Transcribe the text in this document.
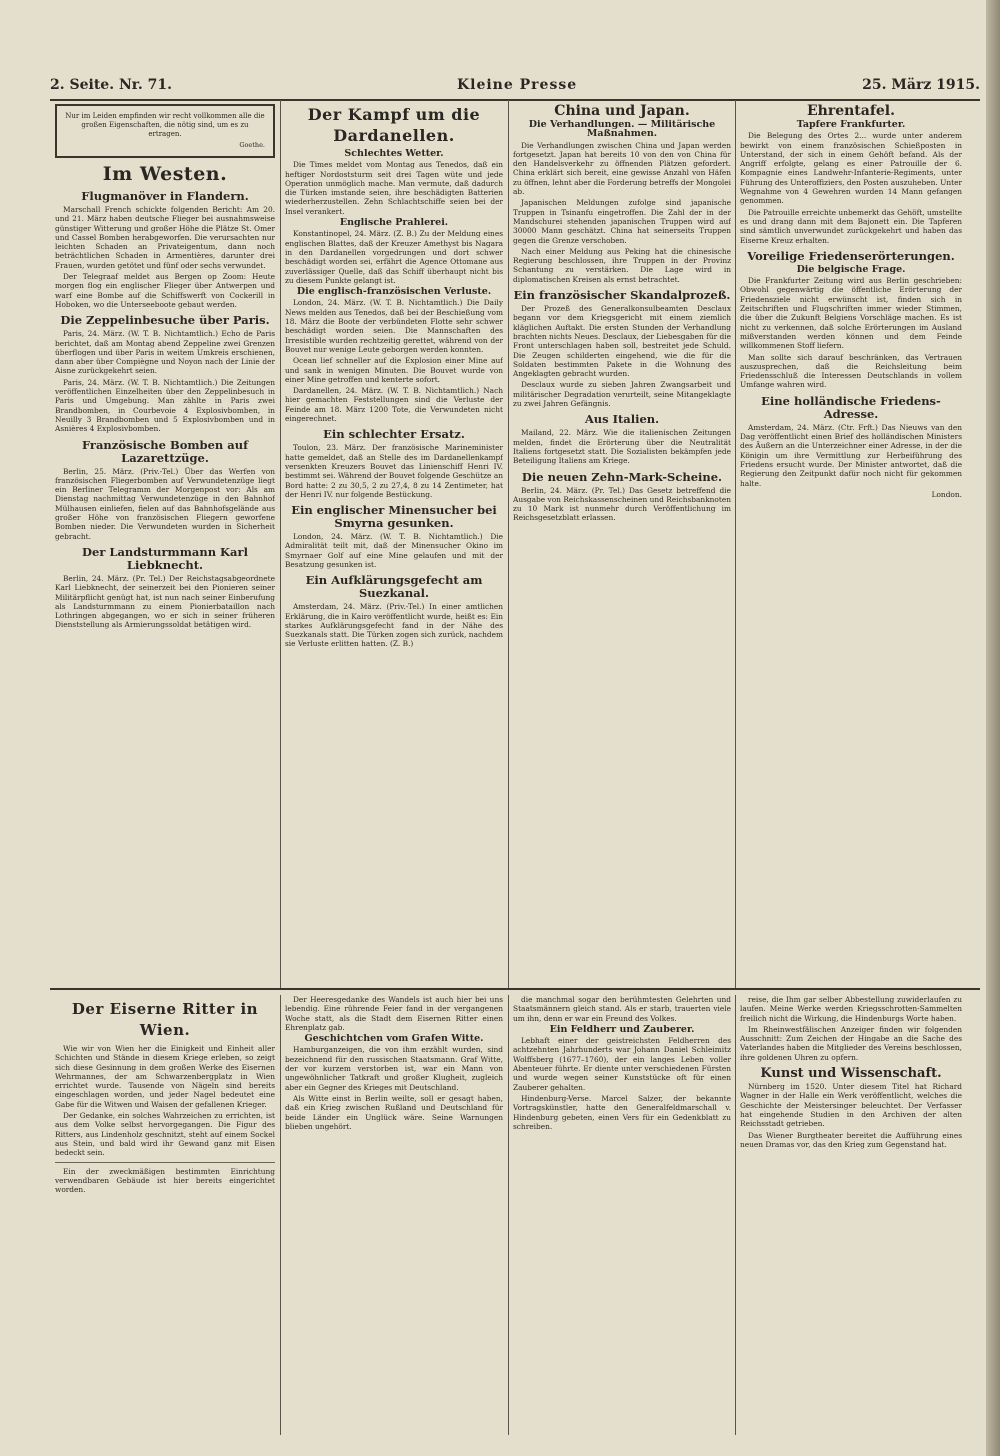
2. Seite. Nr. 71.	Kleine Presse	25. März 1915.
Nur im Leiden empfinden wir recht vollkommen alle die großen Eigenschaften, die nötig sind, um es zu ertragen.
Goethe.
Im Westen.
Flugmanöver in Flandern.

Marschall French schickte folgenden Bericht: Am 20. und 21. März haben deutsche Flieger bei ausnahmsweise günstiger Witterung und großer Höhe die Plätze St. Omer und Cassel Bomben herabgeworfen. Die verursachten nur leichten Schaden an Privateigentum, dann noch beträchtlichen Schaden in Armentières, darunter drei Frauen, wurden getötet und fünf oder sechs verwundet.

Der Telegraaf meldet aus Bergen op Zoom: Heute morgen flog ein englischer Flieger über Antwerpen und warf eine Bombe auf die Schiffswerft von Cockerill in Hoboken, wo die Unterseeboote gebaut werden.

Die Zeppelinbesuche über Paris.

Paris, 24. März. (W. T. B. Nichtamtlich.) Echo de Paris berichtet, daß am Montag abend Zeppeline zwei Grenzen überflogen und über Paris in weitem Umkreis erschienen, dann aber über Compiègne und Noyon nach der Linie der Aisne zurückgekehrt seien.

Paris, 24. März. (W. T. B. Nichtamtlich.) Die Zeitungen veröffentlichen Einzelheiten über den Zeppelinbesuch in Paris und Umgebung. Man zählte in Paris zwei Brandbomben, in Courbevoie 4 Explosivbomben, in Neuilly 3 Brandbomben und 5 Explosivbomben und in Asnières 4 Explosivbomben.

Französische Bomben auf Lazarettzüge.

Berlin, 25. März. (Priv.-Tel.) Über das Werfen von französischen Fliegerbomben auf Verwundetenzüge liegt ein Berliner Telegramm der Morgenpost vor: Als am Dienstag nachmittag Verwundetenzüge in den Bahnhof Mülhausen einliefen, fielen auf das Bahnhofsgelände aus großer Höhe von französischen Fliegern geworfene Bomben nieder. Die Verwundeten wurden in Sicherheit gebracht.

Der Landsturmmann Karl Liebknecht.

Berlin, 24. März. (Pr. Tel.) Der Reichstagsabgeordnete Karl Liebknecht, der seinerzeit bei den Pionieren seiner Militärpflicht genügt hat, ist nun nach seiner Einberufung als Landsturmmann zu einem Pionierbataillon nach Lothringen abgegangen, wo er sich in seiner früheren Dienststellung als Armierungssoldat betätigen wird.

Der Kampf um die Dardanellen.
Schlechtes Wetter.

Die Times meldet vom Montag aus Tenedos, daß ein heftiger Nordoststurm seit drei Tagen wüte und jede Operation unmöglich mache. Man vermute, daß dadurch die Türken imstande seien, ihre beschädigten Batterien wiederherzustellen. Zehn Schlachtschiffe seien bei der Insel verankert.

Englische Prahlerei.

Konstantinopel, 24. März. (Z. B.) Zu der Meldung eines englischen Blattes, daß der Kreuzer Amethyst bis Nagara in den Dardanellen vorgedrungen und dort schwer beschädigt worden sei, erfährt die Agence Ottomane aus zuverlässiger Quelle, daß das Schiff überhaupt nicht bis zu diesem Punkte gelangt ist.

Die englisch-französischen Verluste.

London, 24. März. (W. T. B. Nichtamtlich.) Die Daily News melden aus Tenedos, daß bei der Beschießung vom 18. März die Boote der verbündeten Flotte sehr schwer beschädigt worden seien. Die Mannschaften des Irresistible wurden rechtzeitig gerettet, während von der Bouvet nur wenige Leute geborgen werden konnten.

Ocean lief schneller auf die Explosion einer Mine auf und sank in wenigen Minuten. Die Bouvet wurde von einer Mine getroffen und kenterte sofort.

Dardanellen, 24. März. (W. T. B. Nichtamtlich.) Nach hier gemachten Feststellungen sind die Verluste der Feinde am 18. März 1200 Tote, die Verwundeten nicht eingerechnet.

Ein schlechter Ersatz.

Toulon, 23. März. Der französische Marineminister hatte gemeldet, daß an Stelle des im Dardanellenkampf versenkten Kreuzers Bouvet das Linienschiff Henri IV. bestimmt sei. Während der Bouvet folgende Geschütze an Bord hatte: 2 zu 30,5, 2 zu 27,4, 8 zu 14 Zentimeter, hat der Henri IV. nur folgende Bestückung.

Ein englischer Minensucher bei Smyrna gesunken.

London, 24. März. (W. T. B. Nichtamtlich.) Die Admiralität teilt mit, daß der Minensucher Okino im Smyrnaer Golf auf eine Mine gelaufen und mit der Besatzung gesunken ist.

Ein Aufklärungsgefecht am Suezkanal.

Amsterdam, 24. März. (Priv.-Tel.) In einer amtlichen Erklärung, die in Kairo veröffentlicht wurde, heißt es: Ein starkes Aufklärungsgefecht fand in der Nähe des Suezkanals statt. Die Türken zogen sich zurück, nachdem sie Verluste erlitten hatten. (Z. B.)

China und Japan.
Die Verhandlungen. — Militärische Maßnahmen.

Die Verhandlungen zwischen China und Japan werden fortgesetzt. Japan hat bereits 10 von den von China für den Handelsverkehr zu öffnenden Plätzen gefordert. China erklärt sich bereit, eine gewisse Anzahl von Häfen zu öffnen, lehnt aber die Forderung betreffs der Mongolei ab.

Japanischen Meldungen zufolge sind japanische Truppen in Tsinanfu eingetroffen. Die Zahl der in der Mandschurei stehenden japanischen Truppen wird auf 30000 Mann geschätzt. China hat seinerseits Truppen gegen die Grenze verschoben.

Nach einer Meldung aus Peking hat die chinesische Regierung beschlossen, ihre Truppen in der Provinz Schantung zu verstärken. Die Lage wird in diplomatischen Kreisen als ernst betrachtet.

Ein französischer Skandalprozeß.

Der Prozeß des Generalkonsulbeamten Desclaux begann vor dem Kriegsgericht mit einem ziemlich kläglichen Auftakt. Die ersten Stunden der Verhandlung brachten nichts Neues. Desclaux, der Liebesgaben für die Front unterschlagen haben soll, bestreitet jede Schuld. Die Zeugen schilderten eingehend, wie die für die Soldaten bestimmten Pakete in die Wohnung des Angeklagten gebracht wurden.

Desclaux wurde zu sieben Jahren Zwangsarbeit und militärischer Degradation verurteilt, seine Mitangeklagte zu zwei Jahren Gefängnis.

Aus Italien.

Mailand, 22. März. Wie die italienischen Zeitungen melden, findet die Erörterung über die Neutralität Italiens fortgesetzt statt. Die Sozialisten bekämpfen jede Beteiligung Italiens am Kriege.

Die neuen Zehn-Mark-Scheine.

Berlin, 24. März. (Pr. Tel.) Das Gesetz betreffend die Ausgabe von Reichskassenscheinen und Reichsbanknoten zu 10 Mark ist nunmehr durch Veröffentlichung im Reichsgesetzblatt erlassen.

Ehrentafel.
Tapfere Frankfurter.

Die Belegung des Ortes 2... wurde unter anderem bewirkt von einem französischen Schießposten in Unterstand, der sich in einem Gehöft befand. Als der Angriff erfolgte, gelang es einer Patrouille der 6. Kompagnie eines Landwehr-Infanterie-Regiments, unter Führung des Unteroffiziers, den Posten auszuheben. Unter Wegnahme von 4 Gewehren wurden 14 Mann gefangen genommen.

Die Patrouille erreichte unbemerkt das Gehöft, umstellte es und drang dann mit dem Bajonett ein. Die Tapferen sind sämtlich unverwundet zurückgekehrt und haben das Eiserne Kreuz erhalten.

Voreilige Friedenserörterungen.
Die belgische Frage.

Die Frankfurter Zeitung wird aus Berlin geschrieben: Obwohl gegenwärtig die öffentliche Erörterung der Friedensziele nicht erwünscht ist, finden sich in Zeitschriften und Flugschriften immer wieder Stimmen, die über die Zukunft Belgiens Vorschläge machen. Es ist nicht zu verkennen, daß solche Erörterungen im Ausland mißverstanden werden können und dem Feinde willkommenen Stoff liefern.

Man sollte sich darauf beschränken, das Vertrauen auszusprechen, daß die Reichsleitung beim Friedensschluß die Interessen Deutschlands in vollem Umfange wahren wird.

Eine holländische Friedens-Adresse.

Amsterdam, 24. März. (Ctr. Frft.) Das Nieuws van den Dag veröffentlicht einen Brief des holländischen Ministers des Äußern an die Unterzeichner einer Adresse, in der die Königin um ihre Vermittlung zur Herbeiführung des Friedens ersucht wurde. Der Minister antwortet, daß die Regierung den Zeitpunkt dafür noch nicht für gekommen halte.

London.
Der Eiserne Ritter in Wien.

Wie wir von Wien her die Einigkeit und Einheit aller Schichten und Stände in diesem Kriege erleben, so zeigt sich diese Gesinnung in dem großen Werke des Eisernen Wehrmannes, der am Schwarzenbergplatz in Wien errichtet wurde. Tausende von Nägeln sind bereits eingeschlagen worden, und jeder Nagel bedeutet eine Gabe für die Witwen und Waisen der gefallenen Krieger.

Der Gedanke, ein solches Wahrzeichen zu errichten, ist aus dem Volke selbst hervorgegangen. Die Figur des Ritters, aus Lindenholz geschnitzt, steht auf einem Sockel aus Stein, und bald wird ihr Gewand ganz mit Eisen bedeckt sein.

Ein der zweckmäßigen bestimmten Einrichtung verwendbaren Gebäude ist hier bereits eingerichtet worden.

Der Heeresgedanke des Wandels ist auch hier bei uns lebendig. Eine rührende Feier fand in der vergangenen Woche statt, als die Stadt dem Eisernen Ritter einen Ehrenplatz gab.

Geschichtchen vom Grafen Witte.

Hamburganzeigen, die von ihm erzählt wurden, sind bezeichnend für den russischen Staatsmann. Graf Witte, der vor kurzem verstorben ist, war ein Mann von ungewöhnlicher Tatkraft und großer Klugheit, zugleich aber ein Gegner des Krieges mit Deutschland.

Als Witte einst in Berlin weilte, soll er gesagt haben, daß ein Krieg zwischen Rußland und Deutschland für beide Länder ein Unglück wäre. Seine Warnungen blieben ungehört.

die manchmal sogar den berühmtesten Gelehrten und Staatsmännern gleich stand. Als er starb, trauerten viele um ihn, denn er war ein Freund des Volkes.

Ein Feldherr und Zauberer.

Lebhaft einer der geistreichsten Feldherren des achtzehnten Jahrhunderts war Johann Daniel Schleimitz Wolffsberg (1677–1760), der ein langes Leben voller Abenteuer führte. Er diente unter verschiedenen Fürsten und wurde wegen seiner Kunststücke oft für einen Zauberer gehalten.

Hindenburg-Verse. Marcel Salzer, der bekannte Vortragskünstler, hatte den Generalfeldmarschall v. Hindenburg gebeten, einen Vers für ein Gedenkblatt zu schreiben.

reise, die Ihm gar selber Abbestellung zuwiderlaufen zu laufen. Meine Werke werden Kriegsschrotten-Sammelten freilich nicht die Wirkung, die Hindenburgs Worte haben.

Im Rheinwestfälischen Anzeiger finden wir folgenden Ausschnitt: Zum Zeichen der Hingabe an die Sache des Vaterlandes haben die Mitglieder des Vereins beschlossen, ihre goldenen Uhren zu opfern.

Kunst und Wissenschaft.

Nürnberg im 1520. Unter diesem Titel hat Richard Wagner in der Halle ein Werk veröffentlicht, welches die Geschichte der Meistersinger beleuchtet. Der Verfasser hat eingehende Studien in den Archiven der alten Reichsstadt getrieben.

Das Wiener Burgtheater bereitet die Aufführung eines neuen Dramas vor, das den Krieg zum Gegenstand hat.
